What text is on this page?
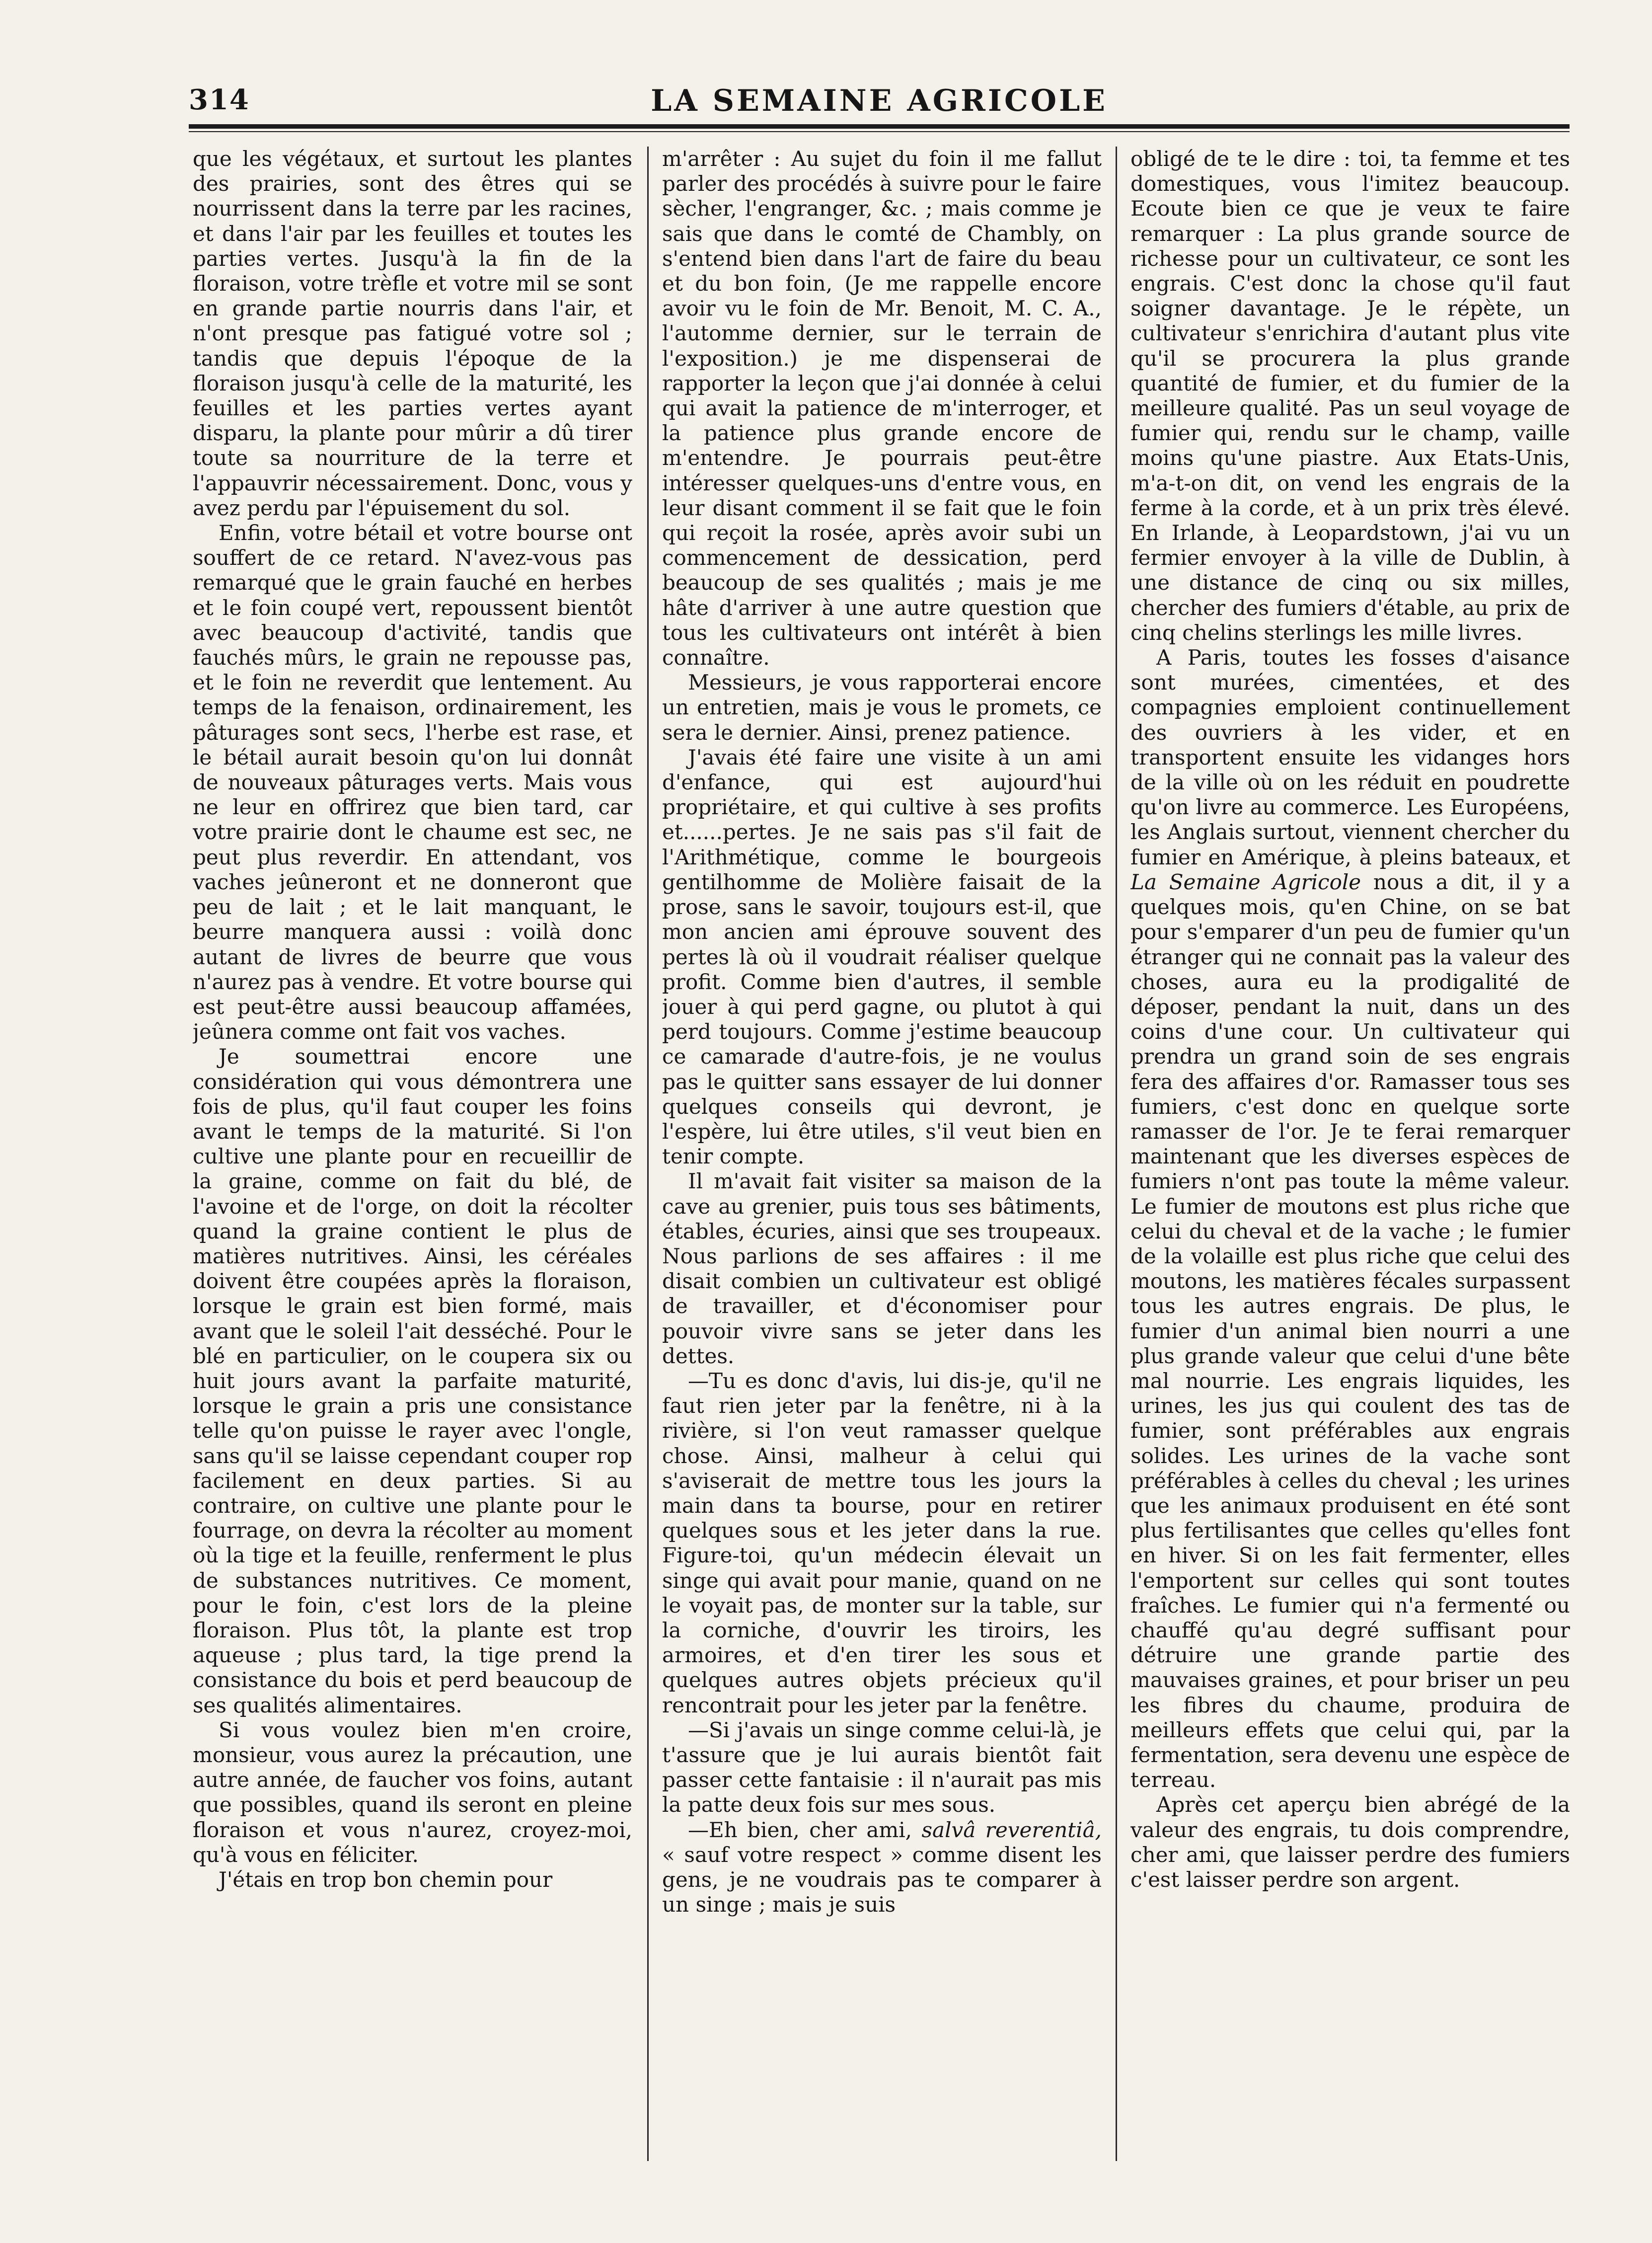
LA SEMAINE AGRICOLE
314

que les végétaux, et surtout les plantes des prairies, sont des êtres qui se nourrissent dans la terre par les racines, et dans l'air par les feuilles et toutes les parties vertes. Jusqu'à la fin de la floraison, votre trèfle et votre mil se sont en grande partie nourris dans l'air, et n'ont presque pas fatigué votre sol ; tandis que depuis l'époque de la floraison jusqu'à celle de la maturité, les feuilles et les parties vertes ayant disparu, la plante pour mûrir a dû tirer toute sa nourriture de la terre et l'appauvrir nécessairement. Donc, vous y avez perdu par l'épuisement du sol.

Enfin, votre bétail et votre bourse ont souffert de ce retard. N'avez-vous pas remarqué que le grain fauché en herbes et le foin coupé vert, repoussent bientôt avec beaucoup d'activité, tandis que fauchés mûrs, le grain ne repousse pas, et le foin ne reverdit que lentement. Au temps de la fenaison, ordinairement, les pâturages sont secs, l'herbe est rase, et le bétail aurait besoin qu'on lui donnât de nouveaux pâturages verts. Mais vous ne leur en offrirez que bien tard, car votre prairie dont le chaume est sec, ne peut plus reverdir. En attendant, vos vaches jeûneront et ne donneront que peu de lait ; et le lait manquant, le beurre manquera aussi : voilà donc autant de livres de beurre que vous n'aurez pas à vendre. Et votre bourse qui est peut-être aussi beaucoup affamées, jeûnera comme ont fait vos vaches.

Je soumettrai encore une considération qui vous démontrera une fois de plus, qu'il faut couper les foins avant le temps de la maturité. Si l'on cultive une plante pour en recueillir de la graine, comme on fait du blé, de l'avoine et de l'orge, on doit la récolter quand la graine contient le plus de matières nutritives. Ainsi, les céréales doivent être coupées après la floraison, lorsque le grain est bien formé, mais avant que le soleil l'ait desséché. Pour le blé en particulier, on le coupera six ou huit jours avant la parfaite maturité, lorsque le grain a pris une consistance telle qu'on puisse le rayer avec l'ongle, sans qu'il se laisse cependant couper rop facilement en deux parties. Si au contraire, on cultive une plante pour le fourrage, on devra la récolter au moment où la tige et la feuille, renferment le plus de substances nutritives. Ce moment, pour le foin, c'est lors de la pleine floraison. Plus tôt, la plante est trop aqueuse ; plus tard, la tige prend la consistance du bois et perd beaucoup de ses qualités alimentaires.

Si vous voulez bien m'en croire, monsieur, vous aurez la précaution, une autre année, de faucher vos foins, autant que possibles, quand ils seront en pleine floraison et vous n'aurez, croyez-moi, qu'à vous en féliciter.

J'étais en trop bon chemin pour

m'arrêter : Au sujet du foin il me fallut parler des procédés à suivre pour le faire sècher, l'engranger, &c. ; mais comme je sais que dans le comté de Chambly, on s'entend bien dans l'art de faire du beau et du bon foin, (Je me rappelle encore avoir vu le foin de Mr. Benoit, M. C. A., l'automme dernier, sur le terrain de l'exposition.) je me dispenserai de rapporter la leçon que j'ai donnée à celui qui avait la patience de m'interroger, et la patience plus grande encore de m'entendre. Je pourrais peut-être intéresser quelques-uns d'entre vous, en leur disant comment il se fait que le foin qui reçoit la rosée, après avoir subi un commencement de dessication, perd beaucoup de ses qualités ; mais je me hâte d'arriver à une autre question que tous les cultivateurs ont intérêt à bien connaître.

Messieurs, je vous rapporterai encore un entretien, mais je vous le promets, ce sera le dernier. Ainsi, prenez patience.

J'avais été faire une visite à un ami d'enfance, qui est aujourd'hui propriétaire, et qui cultive à ses profits et......pertes. Je ne sais pas s'il fait de l'Arithmétique, comme le bourgeois gentilhomme de Molière faisait de la prose, sans le savoir, toujours est-il, que mon ancien ami éprouve souvent des pertes là où il voudrait réaliser quelque profit. Comme bien d'autres, il semble jouer à qui perd gagne, ou plutot à qui perd toujours. Comme j'estime beaucoup ce camarade d'autre-fois, je ne voulus pas le quitter sans essayer de lui donner quelques conseils qui devront, je l'espère, lui être utiles, s'il veut bien en tenir compte.

Il m'avait fait visiter sa maison de la cave au grenier, puis tous ses bâtiments, étables, écuries, ainsi que ses troupeaux. Nous parlions de ses affaires : il me disait combien un cultivateur est obligé de travailler, et d'économiser pour pouvoir vivre sans se jeter dans les dettes.

—Tu es donc d'avis, lui dis-je, qu'il ne faut rien jeter par la fenêtre, ni à la rivière, si l'on veut ramasser quelque chose. Ainsi, malheur à celui qui s'aviserait de mettre tous les jours la main dans ta bourse, pour en retirer quelques sous et les jeter dans la rue. Figure-toi, qu'un médecin élevait un singe qui avait pour manie, quand on ne le voyait pas, de monter sur la table, sur la corniche, d'ouvrir les tiroirs, les armoires, et d'en tirer les sous et quelques autres objets précieux qu'il rencontrait pour les jeter par la fenêtre.

—Si j'avais un singe comme celui-là, je t'assure que je lui aurais bientôt fait passer cette fantaisie : il n'aurait pas mis la patte deux fois sur mes sous.

—Eh bien, cher ami, salvâ reverentiâ, « sauf votre respect » comme disent les gens, je ne voudrais pas te comparer à un singe ; mais je suis

obligé de te le dire : toi, ta femme et tes domestiques, vous l'imitez beaucoup. Ecoute bien ce que je veux te faire remarquer : La plus grande source de richesse pour un cultivateur, ce sont les engrais. C'est donc la chose qu'il faut soigner davantage. Je le répète, un cultivateur s'enrichira d'autant plus vite qu'il se procurera la plus grande quantité de fumier, et du fumier de la meilleure qualité. Pas un seul voyage de fumier qui, rendu sur le champ, vaille moins qu'une piastre. Aux Etats-Unis, m'a-t-on dit, on vend les engrais de la ferme à la corde, et à un prix très élevé. En Irlande, à Leopardstown, j'ai vu un fermier envoyer à la ville de Dublin, à une distance de cinq ou six milles, chercher des fumiers d'étable, au prix de cinq chelins sterlings les mille livres.

A Paris, toutes les fosses d'aisance sont murées, cimentées, et des compagnies emploient continuellement des ouvriers à les vider, et en transportent ensuite les vidanges hors de la ville où on les réduit en poudrette qu'on livre au commerce. Les Européens, les Anglais surtout, viennent chercher du fumier en Amérique, à pleins bateaux, et La Semaine Agricole nous a dit, il y a quelques mois, qu'en Chine, on se bat pour s'emparer d'un peu de fumier qu'un étranger qui ne connait pas la valeur des choses, aura eu la prodigalité de déposer, pendant la nuit, dans un des coins d'une cour. Un cultivateur qui prendra un grand soin de ses engrais fera des affaires d'or. Ramasser tous ses fumiers, c'est donc en quelque sorte ramasser de l'or. Je te ferai remarquer maintenant que les diverses espèces de fumiers n'ont pas toute la même valeur. Le fumier de moutons est plus riche que celui du cheval et de la vache ; le fumier de la volaille est plus riche que celui des moutons, les matières fécales surpassent tous les autres engrais. De plus, le fumier d'un animal bien nourri a une plus grande valeur que celui d'une bête mal nourrie. Les engrais liquides, les urines, les jus qui coulent des tas de fumier, sont préférables aux engrais solides. Les urines de la vache sont préférables à celles du cheval ; les urines que les animaux produisent en été sont plus fertilisantes que celles qu'elles font en hiver. Si on les fait fermenter, elles l'emportent sur celles qui sont toutes fraîches. Le fumier qui n'a fermenté ou chauffé qu'au degré suffisant pour détruire une grande partie des mauvaises graines, et pour briser un peu les fibres du chaume, produira de meilleurs effets que celui qui, par la fermentation, sera devenu une espèce de terreau.

Après cet aperçu bien abrégé de la valeur des engrais, tu dois comprendre, cher ami, que laisser perdre des fumiers c'est laisser perdre son argent.
